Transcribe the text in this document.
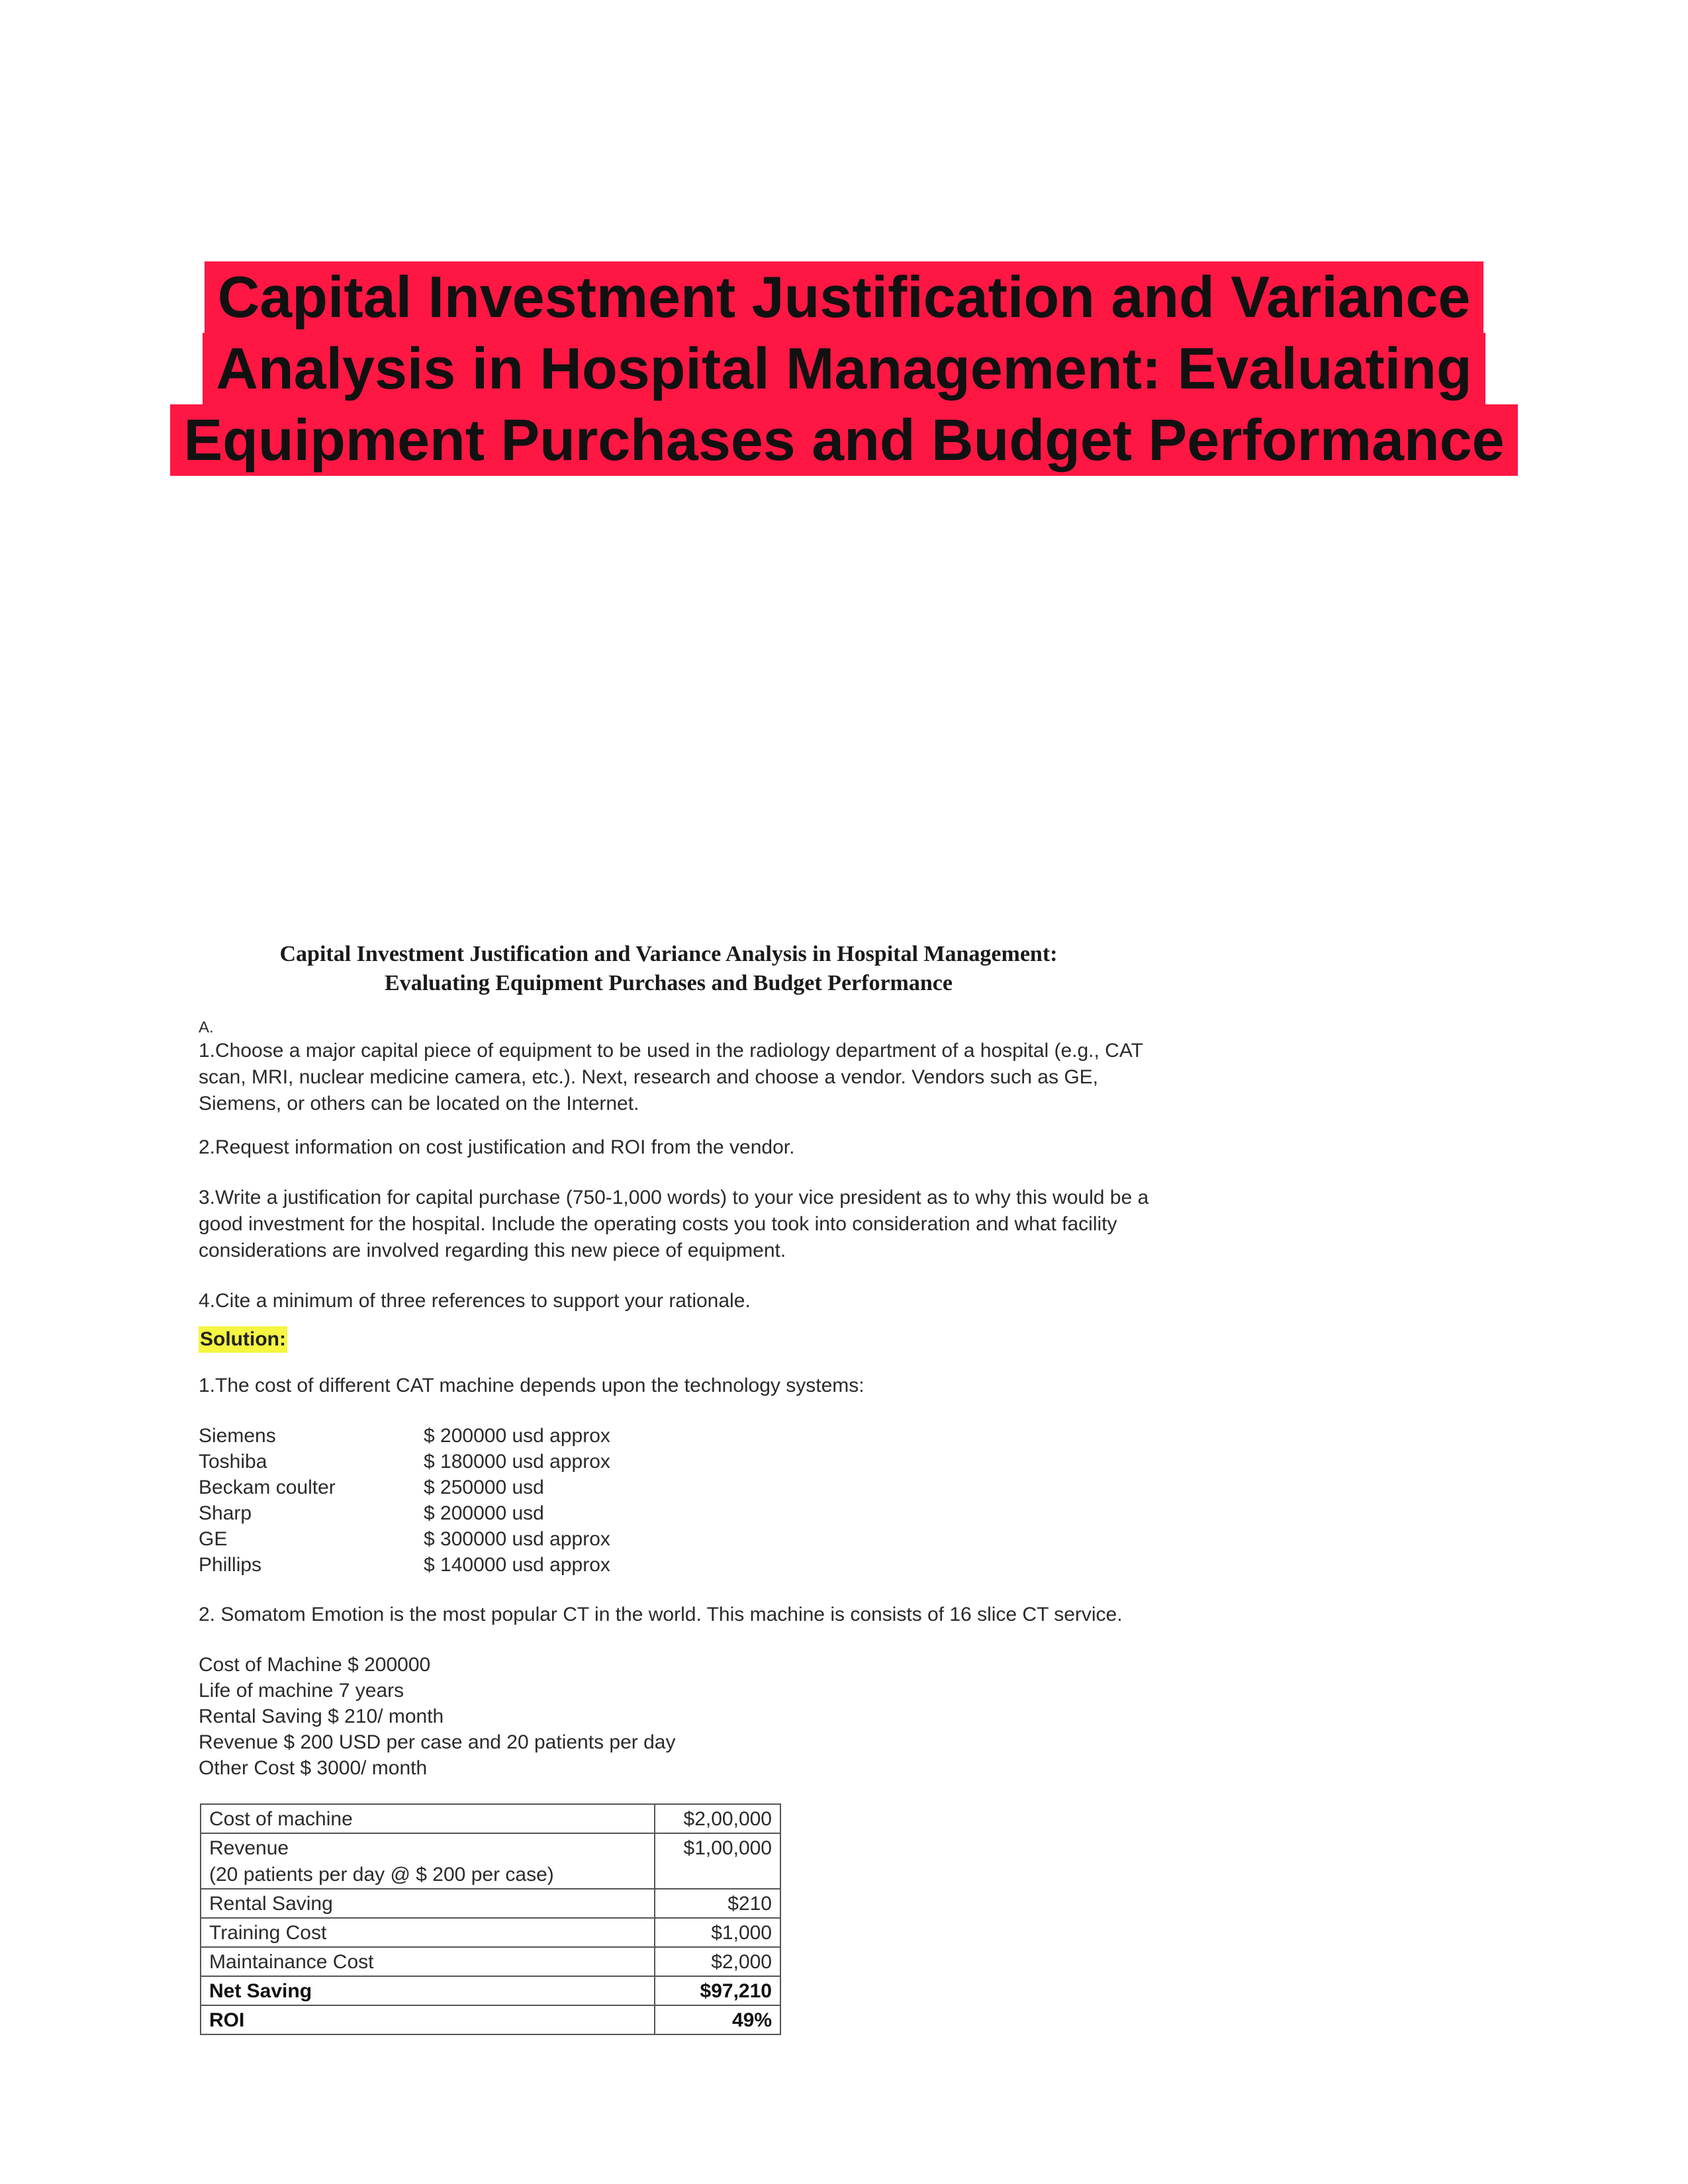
Capital Investment Justification and Variance
Analysis in Hospital Management: Evaluating
Equipment Purchases and Budget Performance
Capital Investment Justification and Variance Analysis in Hospital Management:
Evaluating Equipment Purchases and Budget Performance

A.

1.Choose a major capital piece of equipment to be used in the radiology department of a hospital (e.g., CAT scan, MRI, nuclear medicine camera, etc.). Next, research and choose a vendor. Vendors such as GE, Siemens, or others can be located on the Internet.

2.Request information on cost justification and ROI from the vendor.

3.Write a justification for capital purchase (750-1,000 words) to your vice president as to why this would be a good investment for the hospital. Include the operating costs you took into consideration and what facility considerations are involved regarding this new piece of equipment.

4.Cite a minimum of three references to support your rationale.

Solution:

1.The cost of different CAT machine depends upon the technology systems:

Siemens	$ 200000 usd approx
Toshiba	$ 180000 usd approx
Beckam coulter	$ 250000 usd
Sharp	$ 200000 usd
GE	$ 300000 usd approx
Phillips	$ 140000 usd approx

2. Somatom Emotion is the most popular CT in the world. This machine is consists of 16 slice CT service.

Cost of Machine $ 200000
Life of machine 7 years
Rental Saving $ 210/ month
Revenue $ 200 USD per case and 20 patients per day
Other Cost $ 3000/ month
Cost of machine	$2,00,000

Revenue
(20 patients per day @ $ 200 per case)	$1,00,000
Rental Saving	$210
Training Cost	$1,000
Maintainance Cost	$2,000
Net Saving	$97,210
ROI	49%
